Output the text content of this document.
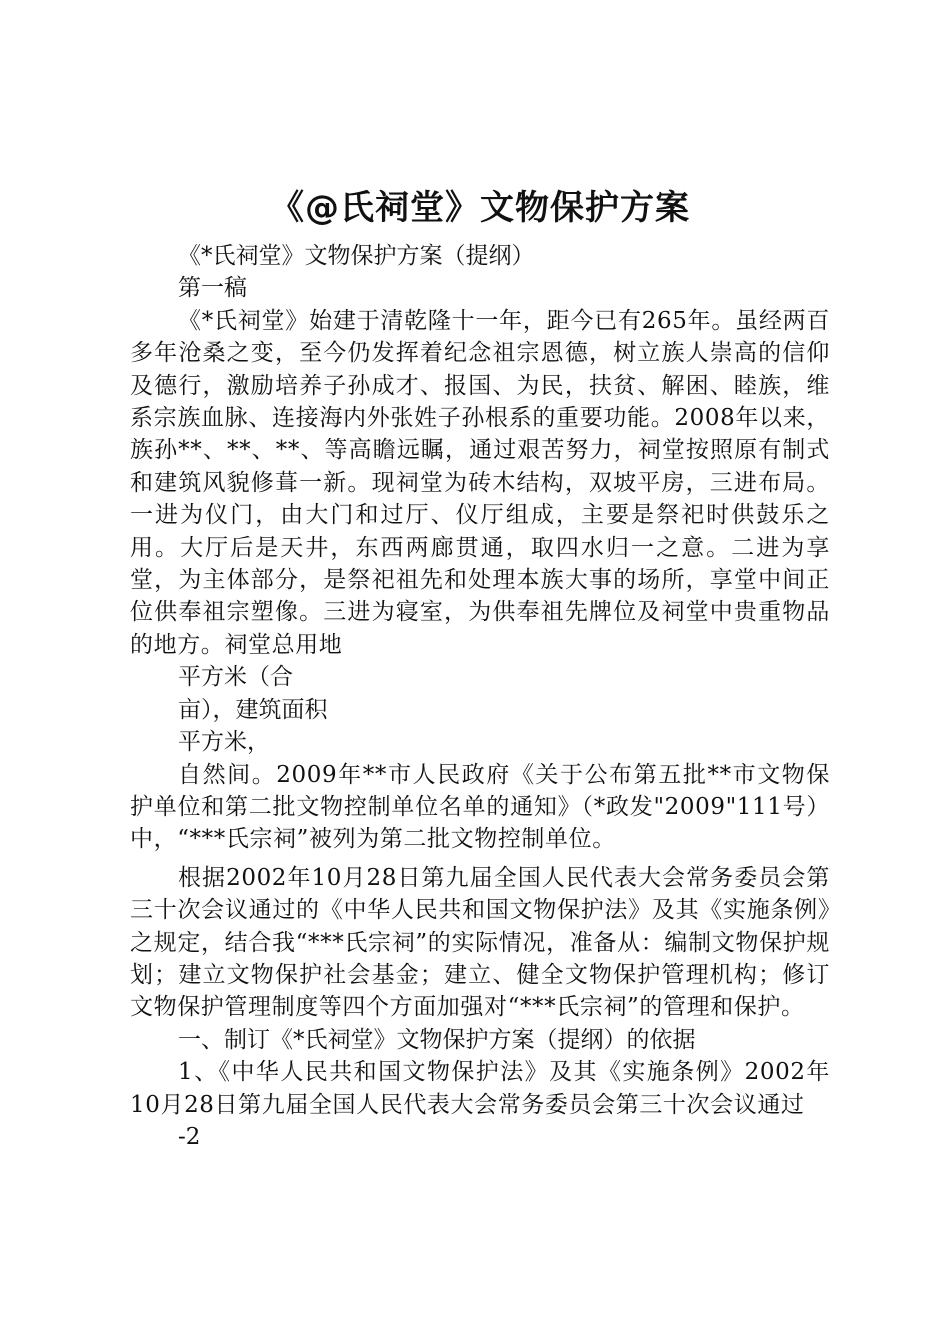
《@氏祠堂》文物保护方案

《*氏祠堂》文物保护方案（提纲）

第一稿

《*氏祠堂》始建于清乾隆十一年，距今已有265年。虽经两百多年沧桑之变，至今仍发挥着纪念祖宗恩德，树立族人崇高的信仰及德行，激励培养子孙成才、报国、为民，扶贫、解困、睦族，维系宗族血脉、连接海内外张姓子孙根系的重要功能。2008年以来，族孙**、**、**、等高瞻远瞩，通过艰苦努力，祠堂按照原有制式和建筑风貌修葺一新。现祠堂为砖木结构，双坡平房，三进布局。一进为仪门，由大门和过厅、仪厅组成，主要是祭祀时供鼓乐之用。大厅后是天井，东西两廊贯通，取四水归一之意。二进为享堂，为主体部分，是祭祀祖先和处理本族大事的场所，享堂中间正位供奉祖宗塑像。三进为寝室，为供奉祖先牌位及祠堂中贵重物品的地方。祠堂总用地

平方米（合

亩），建筑面积

平方米，

自然间。2009年**市人民政府《关于公布第五批**市文物保护单位和第二批文物控制单位名单的通知》（*政发"2009"111号）中，“***氏宗祠”被列为第二批文物控制单位。

根据2002年10月28日第九届全国人民代表大会常务委员会第三十次会议通过的《中华人民共和国文物保护法》及其《实施条例》之规定，结合我“***氏宗祠”的实际情况，准备从：编制文物保护规划；建立文物保护社会基金；建立、健全文物保护管理机构；修订文物保护管理制度等四个方面加强对“***氏宗祠”的管理和保护。

一、制订《*氏祠堂》文物保护方案（提纲）的依据

1、《中华人民共和国文物保护法》及其《实施条例》2002年10月28日第九届全国人民代表大会常务委员会第三十次会议通过

-2
